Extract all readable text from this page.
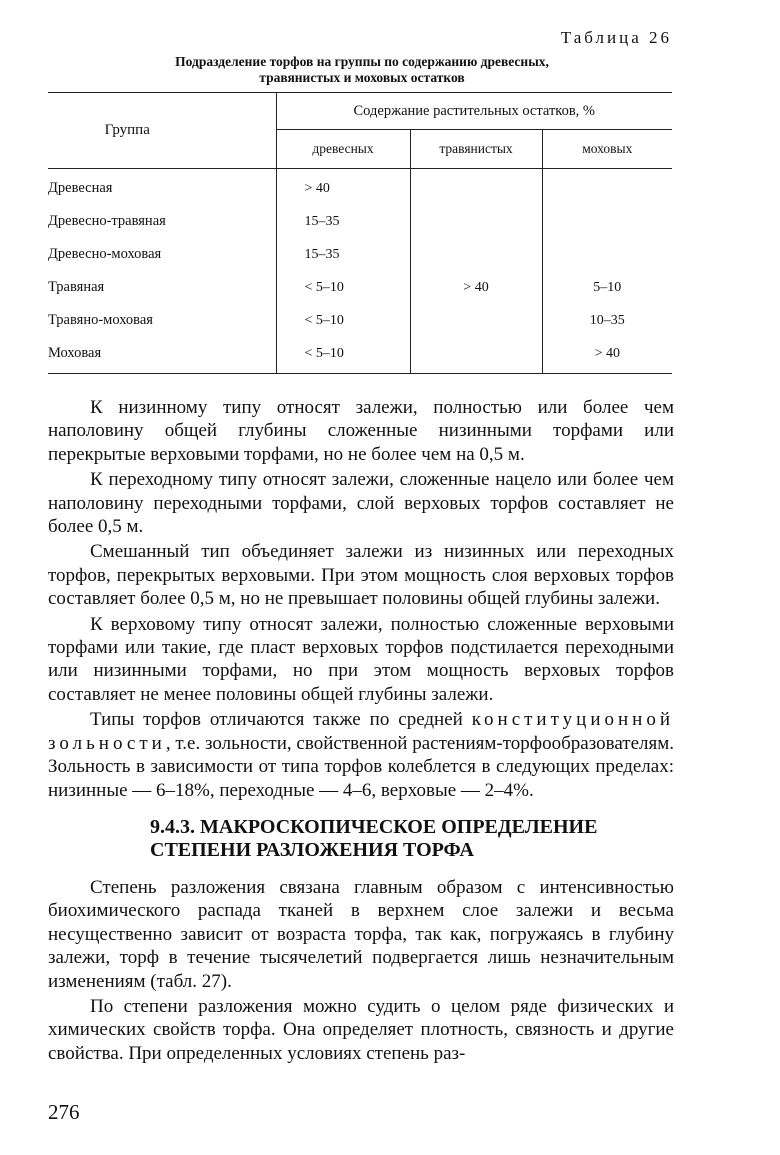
Таблица 26
Подразделение торфов на группы по содержанию древесных,
травянистых и моховых остатков
Группа	Содержание растительных остатков, %		
	древесных	травянистых	моховых
Древесная	> 40		
Древесно-травяная	15–35		
Древесно-моховая	15–35		
Травяная	< 5–10	> 40	5–10
Травяно-моховая	< 5–10		10–35
Моховая	< 5–10		> 40

К низинному типу относят залежи, полностью или более чем наполовину общей глубины сложенные низинными торфами или перекрытые верховыми торфами, но не более чем на 0,5 м.

К переходному типу относят залежи, сложенные нацело или более чем наполовину переходными торфами, слой верховых торфов составляет не более 0,5 м.

Смешанный тип объединяет залежи из низинных или переходных торфов, перекрытых верховыми. При этом мощность слоя верховых торфов составляет более 0,5 м, но не превышает половины общей глубины залежи.

К верховому типу относят залежи, полностью сложенные верховыми торфами или такие, где пласт верховых торфов подстилается переходными или низинными торфами, но при этом мощность верховых торфов составляет не менее половины общей глубины залежи.

Типы торфов отличаются также по средней конституционной зольности, т.е. зольности, свойственной растениям-торфообразователям. Зольность в зависимости от типа торфов колеблется в следующих пределах: низинные — 6–18%, переходные — 4–6, верховые — 2–4%.

9.4.3. МАКРОСКОПИЧЕСКОЕ ОПРЕДЕЛЕНИЕ
СТЕПЕНИ РАЗЛОЖЕНИЯ ТОРФА

Степень разложения связана главным образом с интенсивностью биохимического распада тканей в верхнем слое залежи и весьма несущественно зависит от возраста торфа, так как, погружаясь в глубину залежи, торф в течение тысячелетий подвергается лишь незначительным изменениям (табл. 27).

По степени разложения можно судить о целом ряде физических и химических свойств торфа. Она определяет плотность, связность и другие свойства. При определенных условиях степень раз-

276
